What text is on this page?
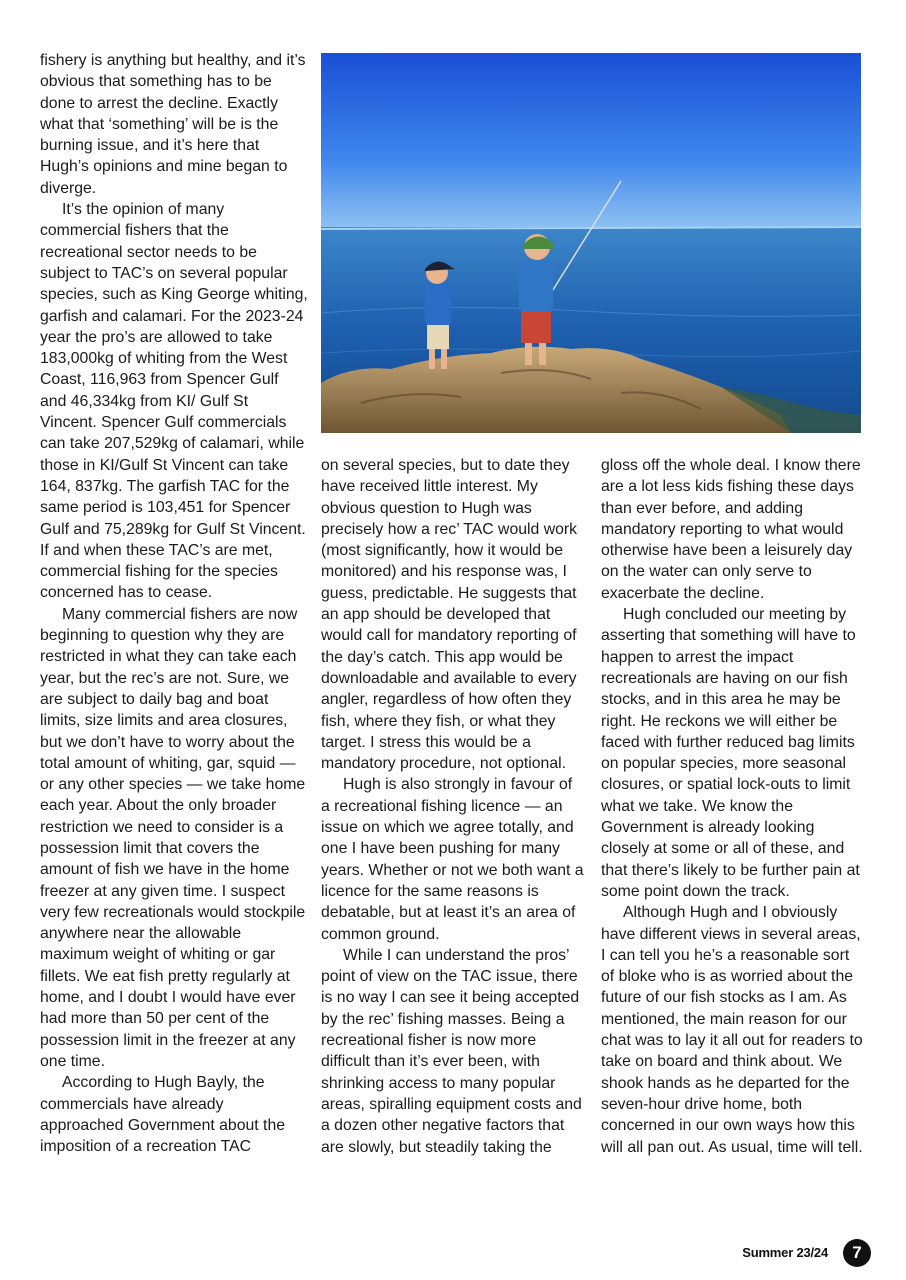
fishery is anything but healthy, and it’s obvious that something has to be done to arrest the decline. Exactly what that ‘something’ will be is the burning issue, and it’s here that Hugh’s opinions and mine began to diverge.

It’s the opinion of many commercial fishers that the recreational sector needs to be subject to TAC’s on several popular species, such as King George whiting, garfish and calamari. For the 2023-24 year the pro’s are allowed to take 183,000kg of whiting from the West Coast, 116,963 from Spencer Gulf and 46,334kg from KI/ Gulf St Vincent. Spencer Gulf commercials can take 207,529kg of calamari, while those in KI/Gulf St Vincent can take 164, 837kg. The garfish TAC for the same period is 103,451 for Spencer Gulf and 75,289kg for Gulf St Vincent. If and when these TAC’s are met, commercial fishing for the species concerned has to cease.

Many commercial fishers are now beginning to question why they are restricted in what they can take each year, but the rec’s are not. Sure, we are subject to daily bag and boat limits, size limits and area closures, but we don’t have to worry about the total amount of whiting, gar, squid — or any other species — we take home each year. About the only broader restriction we need to consider is a possession limit that covers the amount of fish we have in the home freezer at any given time. I suspect very few recreationals would stockpile anywhere near the allowable maximum weight of whiting or gar fillets. We eat fish pretty regularly at home, and I doubt I would have ever had more than 50 per cent of the possession limit in the freezer at any one time.

According to Hugh Bayly, the commercials have already approached Government about the imposition of a recreation TAC

on several species, but to date they have received little interest. My obvious question to Hugh was precisely how a rec’ TAC would work (most significantly, how it would be monitored) and his response was, I guess, predictable. He suggests that an app should be developed that would call for mandatory reporting of the day’s catch. This app would be downloadable and available to every angler, regardless of how often they fish, where they fish, or what they target. I stress this would be a mandatory procedure, not optional.

Hugh is also strongly in favour of a recreational fishing licence — an issue on which we agree totally, and one I have been pushing for many years. Whether or not we both want a licence for the same reasons is debatable, but at least it’s an area of common ground.

While I can understand the pros’ point of view on the TAC issue, there is no way I can see it being accepted by the rec’ fishing masses. Being a recreational fisher is now more difficult than it’s ever been, with shrinking access to many popular areas, spiralling equipment costs and a dozen other negative factors that are slowly, but steadily taking the

gloss off the whole deal. I know there are a lot less kids fishing these days than ever before, and adding mandatory reporting to what would otherwise have been a leisurely day on the water can only serve to exacerbate the decline.

Hugh concluded our meeting by asserting that something will have to happen to arrest the impact recreationals are having on our fish stocks, and in this area he may be right. He reckons we will either be faced with further reduced bag limits on popular species, more seasonal closures, or spatial lock-outs to limit what we take. We know the Government is already looking closely at some or all of these, and that there’s likely to be further pain at some point down the track.

Although Hugh and I obviously have different views in several areas, I can tell you he’s a reasonable sort of bloke who is as worried about the future of our fish stocks as I am. As mentioned, the main reason for our chat was to lay it all out for readers to take on board and think about. We shook hands as he departed for the seven-hour drive home, both concerned in our own ways how this will all pan out. As usual, time will tell.

Summer 23/24	7
